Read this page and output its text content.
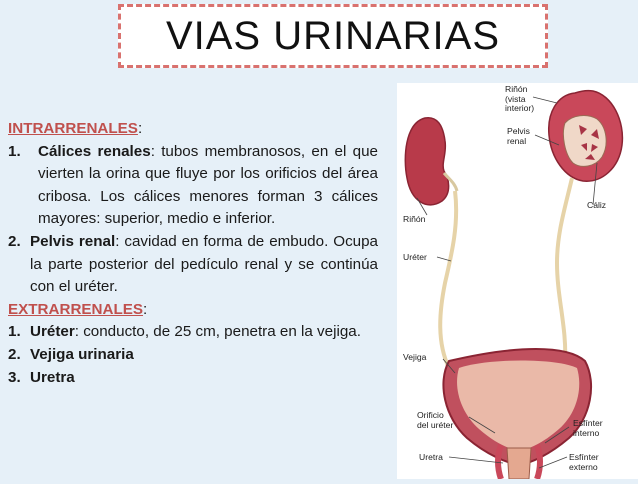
VIAS URINARIAS
INTRARRENALES:
1. Cálices renales: tubos membranosos, en el que vierten la orina que fluye por los orificios del área cribosa. Los cálices menores forman 3 cálices mayores: superior, medio e inferior.
2. Pelvis renal: cavidad en forma de embudo. Ocupa la parte posterior del pedículo renal y se continúa con el uréter.
EXTRARRENALES:
1. Uréter: conducto, de 25 cm, penetra en la vejiga.
2. Vejiga urinaria
3. Uretra
Riñón
(vista
interior)
Pelvis
renal
Cáliz
Riñón
Uréter
Vejiga
Orificio
del uréter	Esfínter
interno
Uretra	Esfínter
externo
